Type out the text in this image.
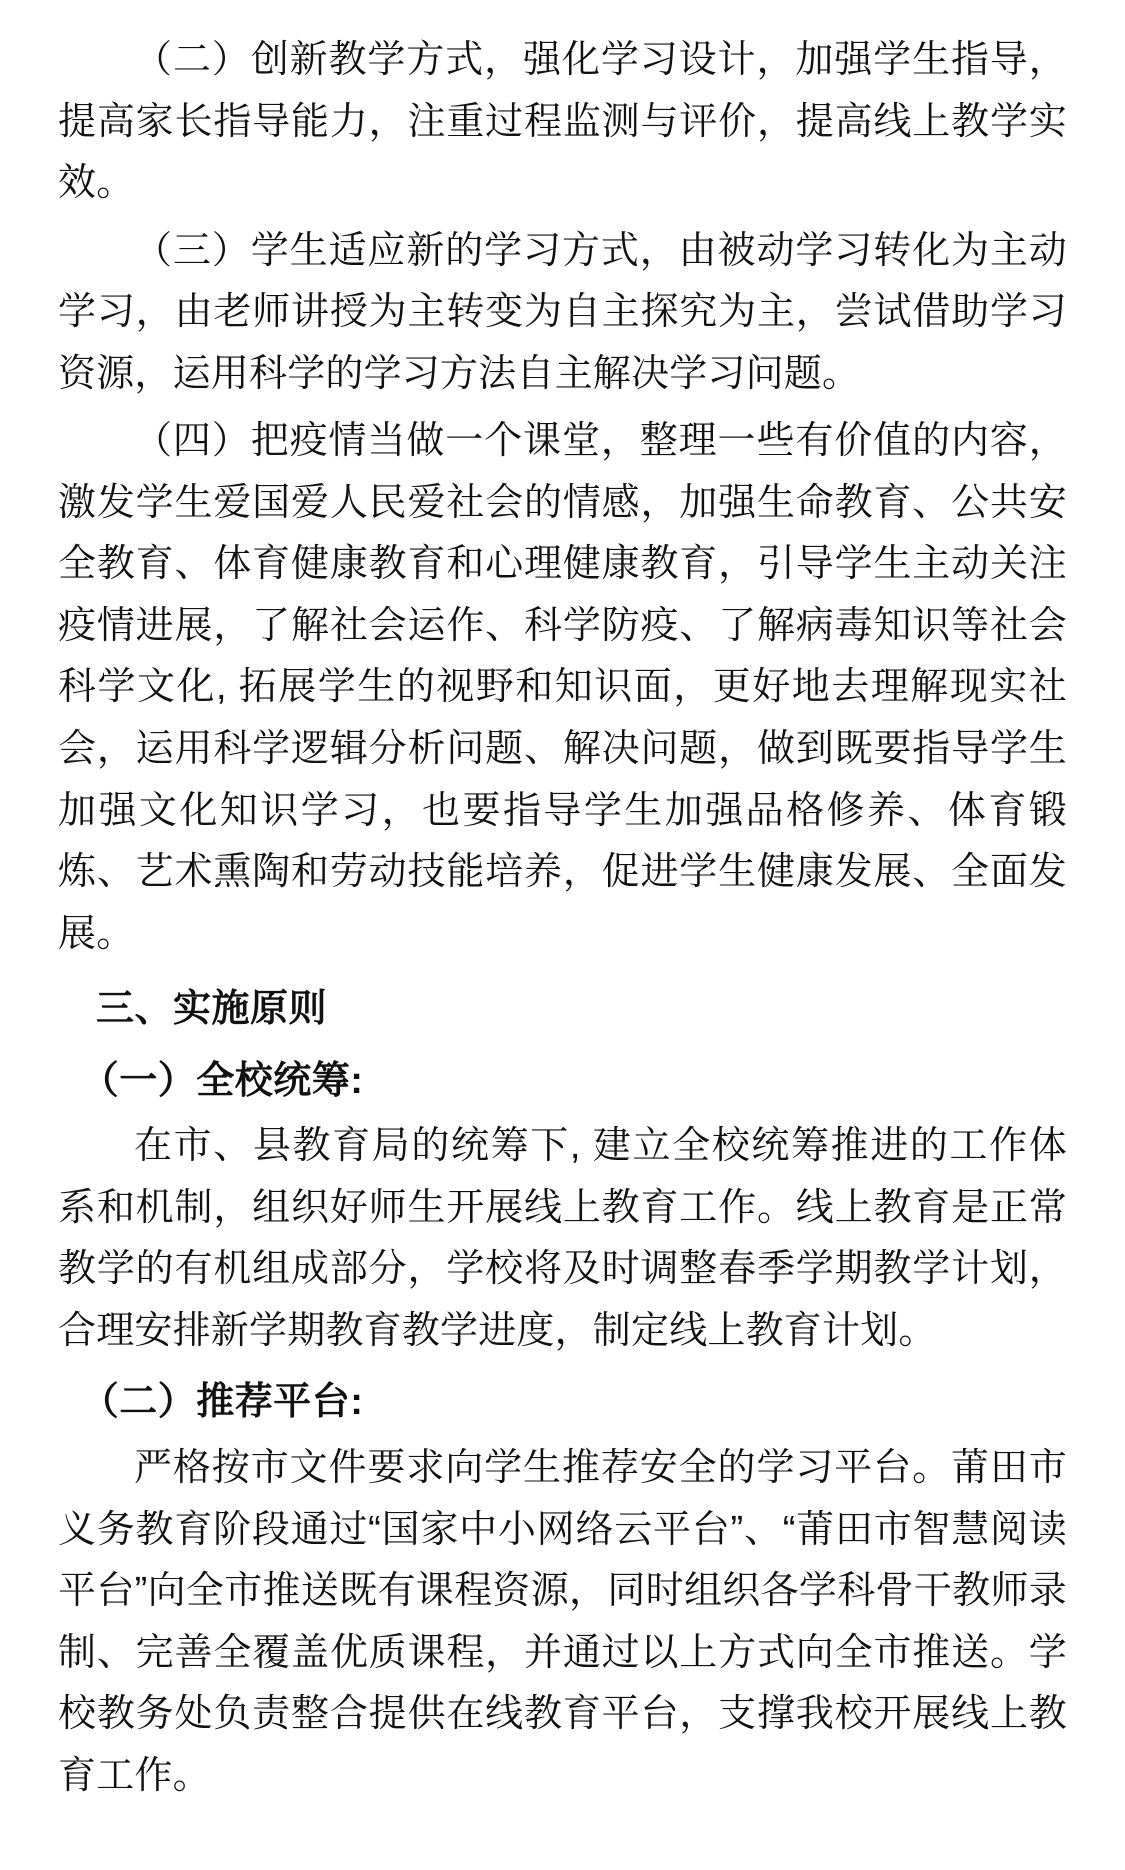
（二）创新教学方式，强化学习设计，加强学生指导，提高家长指导能力，注重过程监测与评价，提高线上教学实效。

（三）学生适应新的学习方式，由被动学习转化为主动学习，由老师讲授为主转变为自主探究为主，尝试借助学习资源，运用科学的学习方法自主解决学习问题。

（四）把疫情当做一个课堂，整理一些有价值的内容，激发学生爱国爱人民爱社会的情感，加强生命教育、公共安全教育、体育健康教育和心理健康教育，引导学生主动关注疫情进展，了解社会运作、科学防疫、了解病毒知识等社会科学文化, 拓展学生的视野和知识面，更好地去理解现实社会，运用科学逻辑分析问题、解决问题，做到既要指导学生加强文化知识学习，也要指导学生加强品格修养、体育锻炼、艺术熏陶和劳动技能培养，促进学生健康发展、全面发展。

三、实施原则
（一）全校统筹:

在市、县教育局的统筹下, 建立全校统筹推进的工作体系和机制，组织好师生开展线上教育工作。线上教育是正常教学的有机组成部分，学校将及时调整春季学期教学计划，合理安排新学期教育教学进度，制定线上教育计划。

（二）推荐平台:

严格按市文件要求向学生推荐安全的学习平台。莆田市义务教育阶段通过“国家中小网络云平台”、“莆田市智慧阅读平台”向全市推送既有课程资源，同时组织各学科骨干教师录制、完善全覆盖优质课程，并通过以上方式向全市推送。学校教务处负责整合提供在线教育平台，支撑我校开展线上教育工作。
